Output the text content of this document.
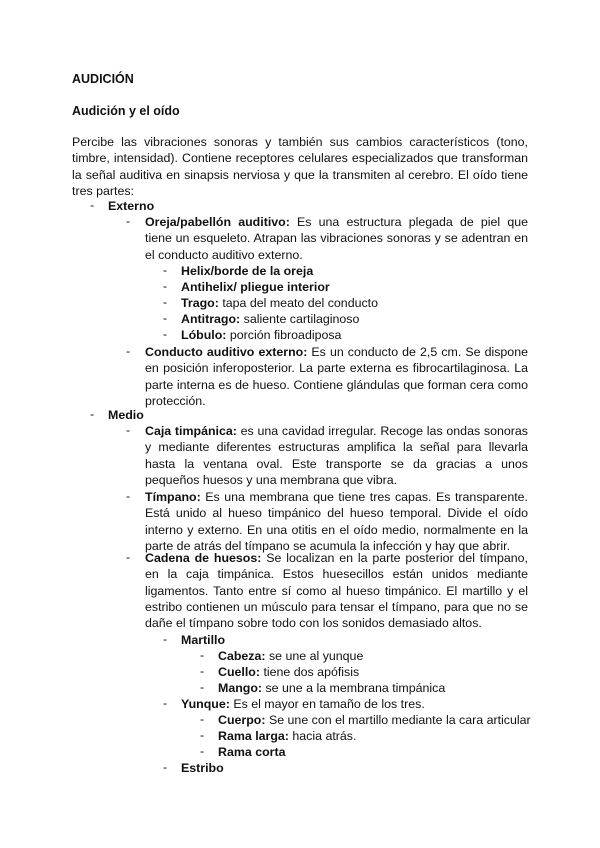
AUDICIÓN
Audición y el oído
Percibe las vibraciones sonoras y también sus cambios característicos (tono, timbre, intensidad). Contiene receptores celulares especializados que transforman la señal auditiva en sinapsis nerviosa y que la transmiten al cerebro. El oído tiene tres partes:
- Externo
- Oreja/pabellón auditivo: Es una estructura plegada de piel que tiene un esqueleto. Atrapan las vibraciones sonoras y se adentran en el conducto auditivo externo.
- Helix/borde de la oreja
- Antihelix/ pliegue interior
- Trago: tapa del meato del conducto
- Antitrago: saliente cartilaginoso
- Lóbulo: porción fibroadiposa
- Conducto auditivo externo: Es un conducto de 2,5 cm. Se dispone en posición inferoposterior. La parte externa es fibrocartilaginosa. La parte interna es de hueso. Contiene glándulas que forman cera como protección.
- Medio
- Caja timpánica: es una cavidad irregular. Recoge las ondas sonoras y mediante diferentes estructuras amplifica la señal para llevarla hasta la ventana oval. Este transporte se da gracias a unos pequeños huesos y una membrana que vibra.
- Tímpano: Es una membrana que tiene tres capas. Es transparente. Está unido al hueso timpánico del hueso temporal. Divide el oído interno y externo. En una otitis en el oído medio, normalmente en la parte de atrás del tímpano se acumula la infección y hay que abrir.
- Cadena de huesos: Se localizan en la parte posterior del tímpano, en la caja timpánica. Estos huesecillos están unidos mediante ligamentos. Tanto entre sí como al hueso timpánico. El martillo y el estribo contienen un músculo para tensar el tímpano, para que no se dañe el tímpano sobre todo con los sonidos demasiado altos.
- Martillo
- Cabeza: se une al yunque
- Cuello: tiene dos apófisis
- Mango: se une a la membrana timpánica
- Yunque: Es el mayor en tamaño de los tres.
- Cuerpo: Se une con el martillo mediante la cara articular
- Rama larga: hacia atrás.
- Rama corta
- Estribo
